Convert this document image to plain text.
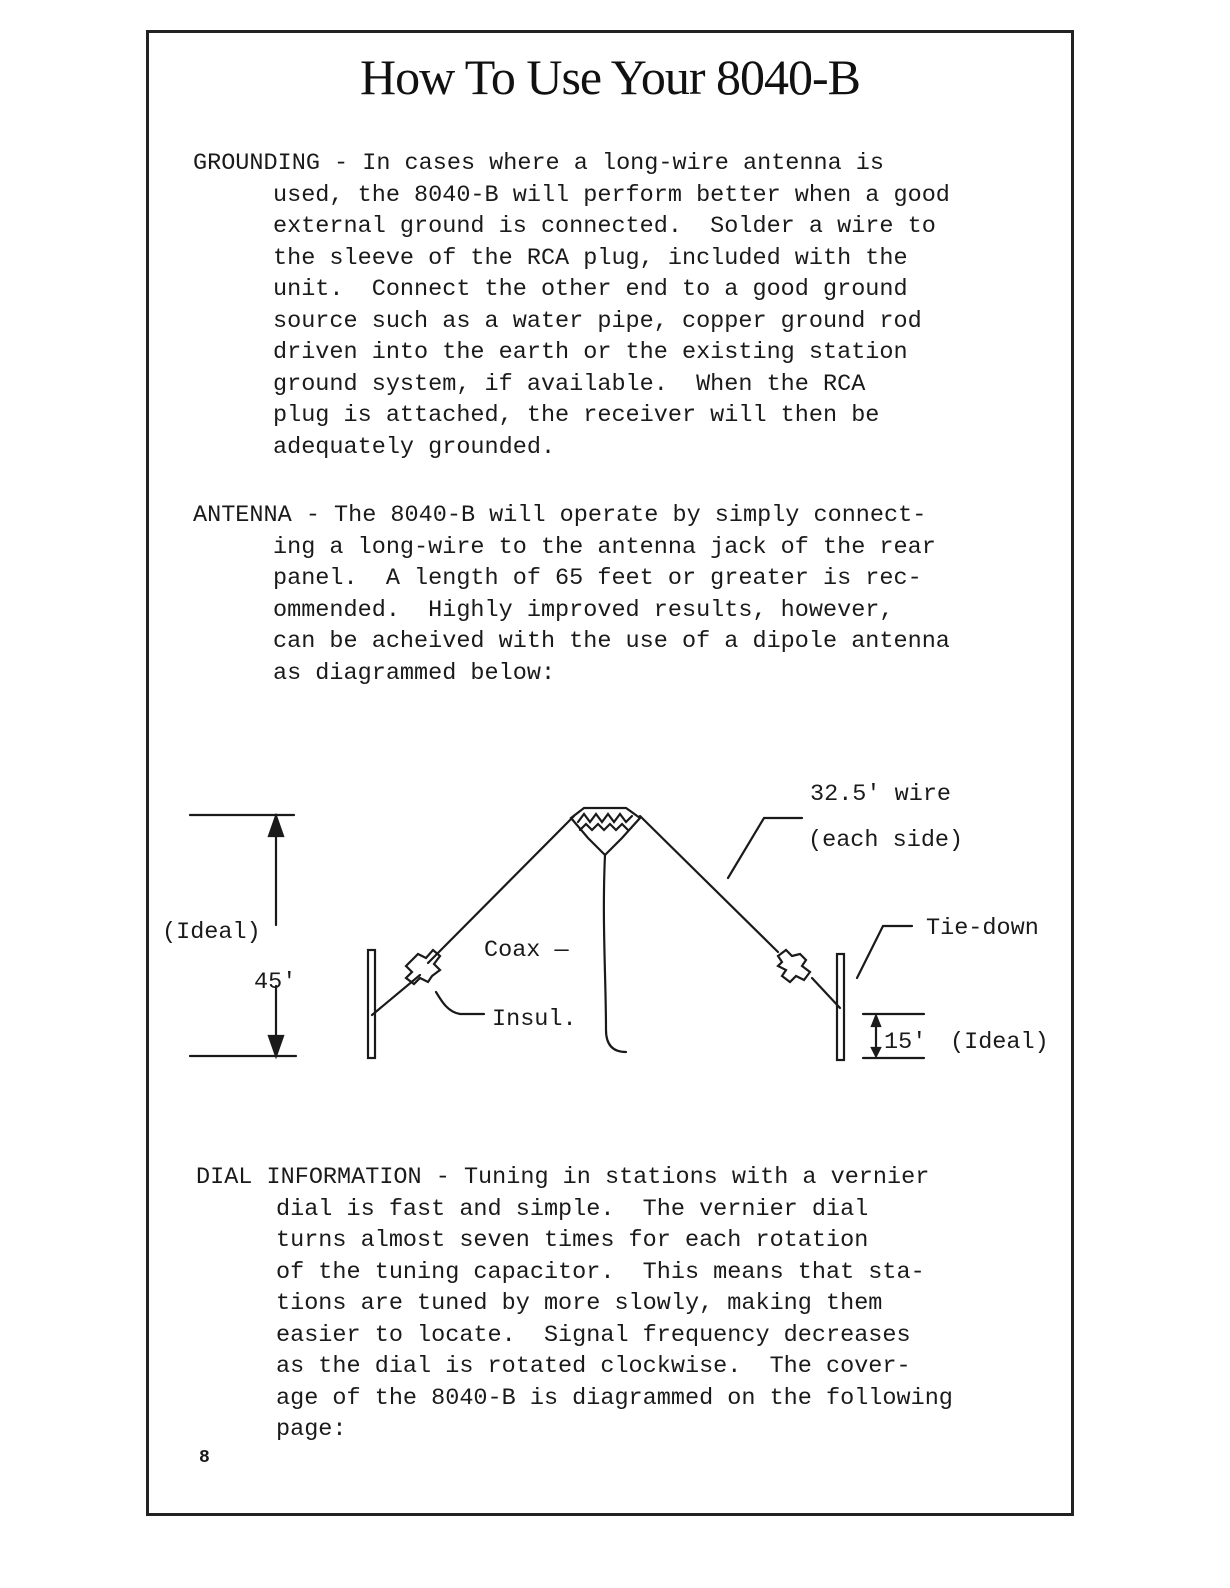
How To Use Your 8040-B
GROUNDING - In cases where a long-wire antenna is
used, the 8040-B will perform better when a good
external ground is connected.  Solder a wire to
the sleeve of the RCA plug, included with the
unit.  Connect the other end to a good ground
source such as a water pipe, copper ground rod
driven into the earth or the existing station
ground system, if available.  When the RCA
plug is attached, the receiver will then be
adequately grounded.
ANTENNA - The 8040-B will operate by simply connect-
ing a long-wire to the antenna jack of the rear
panel.  A length of 65 feet or greater is rec-
ommended.  Highly improved results, however,
can be acheived with the use of a dipole antenna
as diagrammed below:
32.5' wire
(each side)
(Ideal)
45'
Coax —
Insul.
Tie-down
15' (Ideal)
DIAL INFORMATION - Tuning in stations with a vernier
dial is fast and simple.  The vernier dial
turns almost seven times for each rotation
of the tuning capacitor.  This means that sta-
tions are tuned by more slowly, making them
easier to locate.  Signal frequency decreases
as the dial is rotated clockwise.  The cover-
age of the 8040-B is diagrammed on the following
page:
8
